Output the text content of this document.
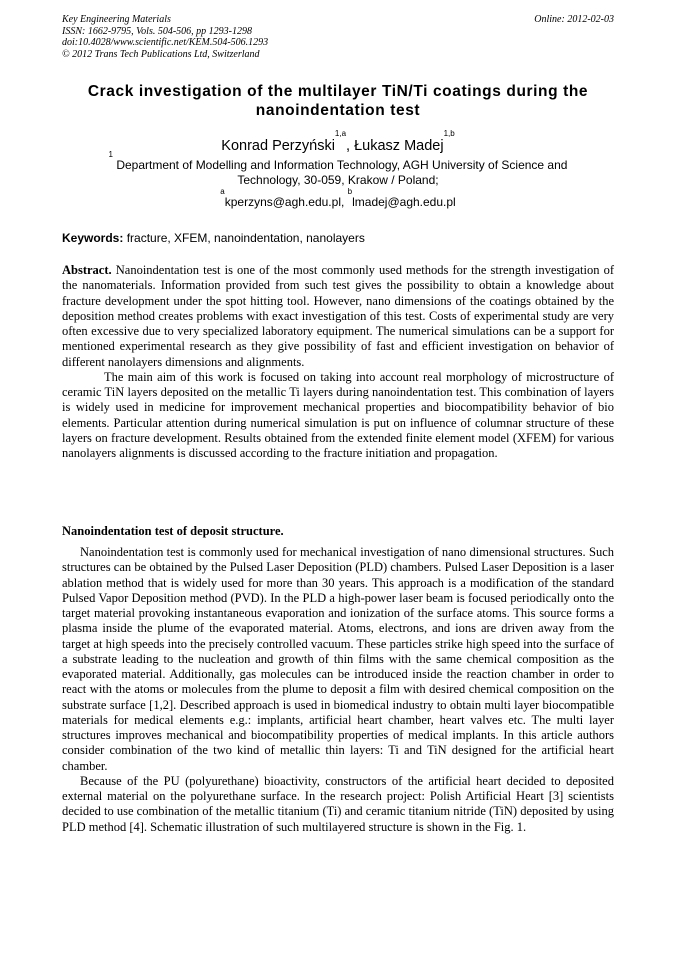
Key Engineering Materials
ISSN: 1662-9795, Vols. 504-506, pp 1293-1298
doi:10.4028/www.scientific.net/KEM.504-506.1293
© 2012 Trans Tech Publications Ltd, Switzerland
Online: 2012-02-03
Crack investigation of the multilayer TiN/Ti coatings during the nanoindentation test
Konrad Perzyński$^{1,a}$, Łukasz Madej$^{1,b}$
$^1$ Department of Modelling and Information Technology, AGH University of Science and Technology, 30-059, Krakow / Poland;
$^a$kperzyns@agh.edu.pl, $^b$lmadej@agh.edu.pl
Keywords: fracture, XFEM, nanoindentation, nanolayers

Abstract. Nanoindentation test is one of the most commonly used methods for the strength investigation of the nanomaterials. Information provided from such test gives the possibility to obtain a knowledge about fracture development under the spot hitting tool. However, nano dimensions of the coatings obtained by the deposition method creates problems with exact investigation of this test. Costs of experimental study are very often excessive due to very specialized laboratory equipment. The numerical simulations can be a support for mentioned experimental research as they give possibility of fast and efficient investigation on behavior of different nanolayers dimensions and alignments.

The main aim of this work is focused on taking into account real morphology of microstructure of ceramic TiN layers deposited on the metallic Ti layers during nanoindentation test. This combination of layers is widely used in medicine for improvement mechanical properties and biocompatibility behavior of bio elements. Particular attention during numerical simulation is put on influence of columnar structure of these layers on fracture development. Results obtained from the extended finite element model (XFEM) for various nanolayers alignments is discussed according to the fracture initiation and propagation.

Nanoindentation test of deposit structure.

Nanoindentation test is commonly used for mechanical investigation of nano dimensional structures. Such structures can be obtained by the Pulsed Laser Deposition (PLD) chambers. Pulsed Laser Deposition is a laser ablation method that is widely used for more than 30 years. This approach is a modification of the standard Pulsed Vapor Deposition method (PVD). In the PLD a high-power laser beam is focused periodically onto the target material provoking instantaneous evaporation and ionization of the surface atoms. This source forms a plasma inside the plume of the evaporated material. Atoms, electrons, and ions are driven away from the target at high speeds into the precisely controlled vacuum. These particles strike high speed into the surface of a substrate leading to the nucleation and growth of thin films with the same chemical composition as the evaporated material. Additionally, gas molecules can be introduced inside the reaction chamber in order to react with the atoms or molecules from the plume to deposit a film with desired chemical composition on the substrate surface [1,2]. Described approach is used in biomedical industry to obtain multi layer biocompatible materials for medical elements e.g.: implants, artificial heart chamber, heart valves etc. The multi layer structures improves mechanical and biocompatibility properties of medical implants. In this article authors consider combination of the two kind of metallic thin layers: Ti and TiN designed for the artificial heart chamber.

Because of the PU (polyurethane) bioactivity, constructors of the artificial heart decided to deposited external material on the polyurethane surface. In the research project: Polish Artificial Heart [3] scientists decided to use combination of the metallic titanium (Ti) and ceramic titanium nitride (TiN) deposited by using PLD method [4]. Schematic illustration of such multilayered structure is shown in the Fig. 1.
